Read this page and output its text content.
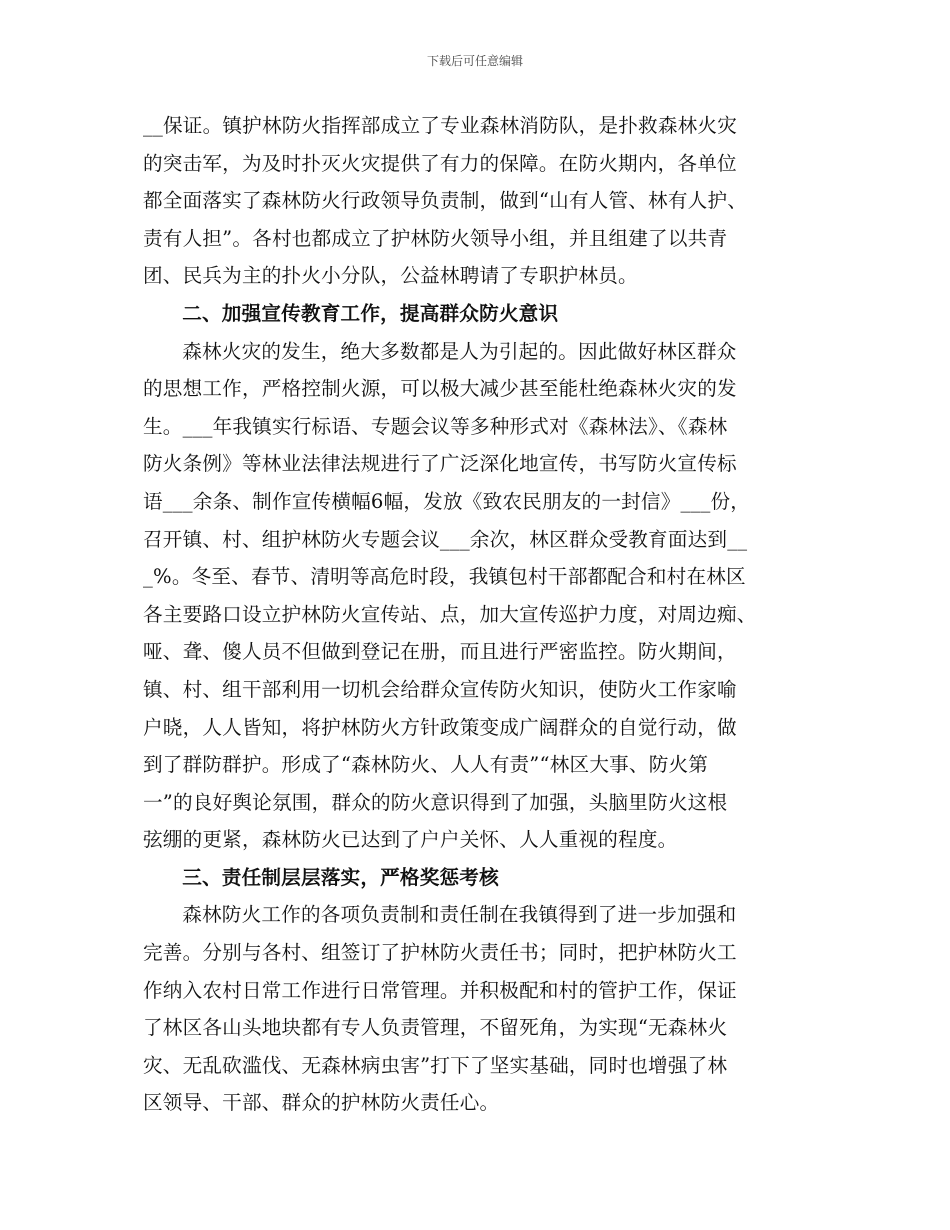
下载后可任意编辑

__保证。镇护林防火指挥部成立了专业森林消防队，是扑救森林火灾
的突击军，为及时扑灭火灾提供了有力的保障。在防火期内，各单位
都全面落实了森林防火行政领导负责制，做到“山有人管、林有人护、
责有人担”。各村也都成立了护林防火领导小组，并且组建了以共青
团、民兵为主的扑火小分队，公益林聘请了专职护林员。

二、加强宣传教育工作，提高群众防火意识

森林火灾的发生，绝大多数都是人为引起的。因此做好林区群众
的思想工作，严格控制火源，可以极大减少甚至能杜绝森林火灾的发
生。___年我镇实行标语、专题会议等多种形式对《森林法》、《森林
防火条例》等林业法律法规进行了广泛深化地宣传，书写防火宣传标
语___余条、制作宣传横幅6幅，发放《致农民朋友的一封信》___份，
召开镇、村、组护林防火专题会议___余次，林区群众受教育面达到__
_%。冬至、春节、清明等高危时段，我镇包村干部都配合和村在林区
各主要路口设立护林防火宣传站、点，加大宣传巡护力度，对周边痴、
哑、聋、傻人员不但做到登记在册，而且进行严密监控。防火期间，
镇、村、组干部利用一切机会给群众宣传防火知识，使防火工作家喻
户晓，人人皆知，将护林防火方针政策变成广阔群众的自觉行动，做
到了群防群护。形成了“森林防火、人人有责”“林区大事、防火第
一”的良好舆论氛围，群众的防火意识得到了加强，头脑里防火这根
弦绷的更紧，森林防火已达到了户户关怀、人人重视的程度。

三、责任制层层落实，严格奖惩考核

森林防火工作的各项负责制和责任制在我镇得到了进一步加强和
完善。分别与各村、组签订了护林防火责任书；同时，把护林防火工
作纳入农村日常工作进行日常管理。并积极配和村的管护工作，保证
了林区各山头地块都有专人负责管理，不留死角，为实现“无森林火
灾、无乱砍滥伐、无森林病虫害”打下了坚实基础，同时也增强了林
区领导、干部、群众的护林防火责任心。
